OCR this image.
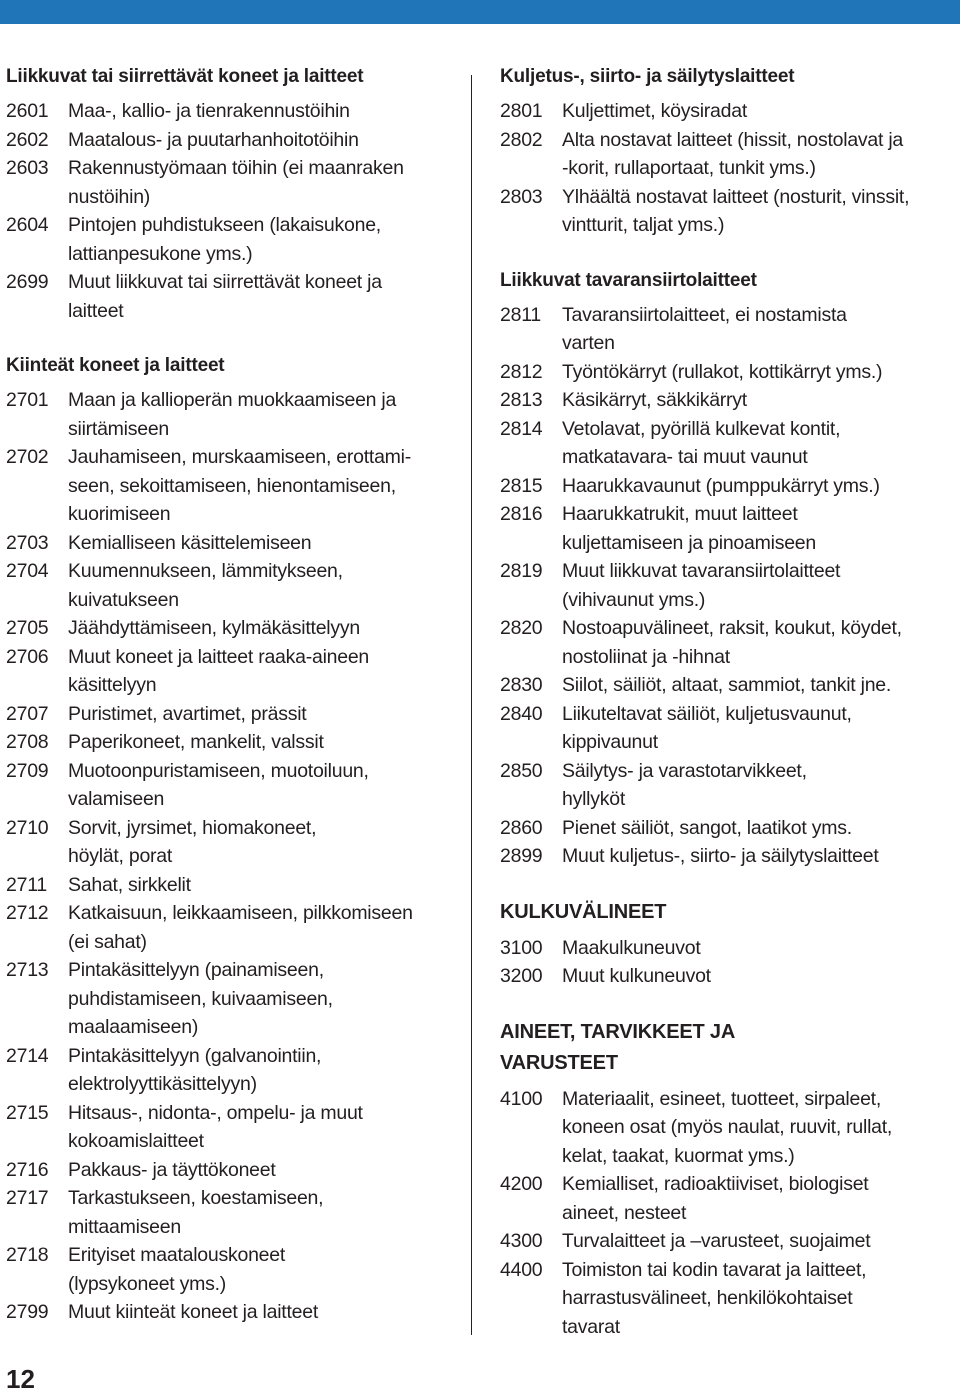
Liikkuvat tai siirrettävät koneet ja laitteet
2601	Maa-, kallio- ja tienrakennustöihin
2602	Maatalous- ja puutarhanhoitotöihin
2603	Rakennustyömaan töihin (ei maanraken
nustöihin)
2604	Pintojen puhdistukseen (lakaisukone,
lattianpesukone yms.)
2699	Muut liikkuvat tai siirrettävät koneet ja
laitteet
Kiinteät koneet ja laitteet
2701	Maan ja kallioperän muokkaamiseen ja
siirtämiseen
2702	Jauhamiseen, murskaamiseen, erottami-
seen, sekoittamiseen, hienontamiseen,
kuorimiseen
2703	Kemialliseen käsittelemiseen
2704	Kuumennukseen, lämmitykseen,
kuivatukseen
2705	Jäähdyttämiseen, kylmäkäsittelyyn
2706	Muut koneet ja laitteet raaka-aineen
käsittelyyn
2707	Puristimet, avartimet, prässit
2708	Paperikoneet, mankelit, valssit
2709	Muotoonpuristamiseen, muotoiluun,
valamiseen
2710	Sorvit, jyrsimet, hiomakoneet,
höylät, porat
2711	Sahat, sirkkelit
2712	Katkaisuun, leikkaamiseen, pilkkomiseen
(ei sahat)
2713	Pintakäsittelyyn (painamiseen,
puhdistamiseen, kuivaamiseen,
maalaamiseen)
2714	Pintakäsittelyyn (galvanointiin,
elektrolyyttikäsittelyyn)
2715	Hitsaus-, nidonta-, ompelu- ja muut
kokoamislaitteet
2716	Pakkaus- ja täyttökoneet
2717	Tarkastukseen, koestamiseen,
mittaamiseen
2718	Erityiset maatalouskoneet
(lypsykoneet yms.)
2799	Muut kiinteät koneet ja laitteet
Kuljetus-, siirto- ja säilytyslaitteet
2801	Kuljettimet, köysiradat
2802	Alta nostavat laitteet (hissit, nostolavat ja
-korit, rullaportaat, tunkit yms.)
2803	Ylhäältä nostavat laitteet (nosturit, vinssit,
vintturit, taljat yms.)
Liikkuvat tavaransiirtolaitteet
2811	Tavaransiirtolaitteet, ei nostamista
varten
2812	Työntökärryt (rullakot, kottikärryt yms.)
2813	Käsikärryt, säkkikärryt
2814	Vetolavat, pyörillä kulkevat kontit,
matkatavara- tai muut vaunut
2815	Haarukkavaunut (pumppukärryt yms.)
2816	Haarukkatrukit, muut laitteet
kuljettamiseen ja pinoamiseen
2819	Muut liikkuvat tavaransiirtolaitteet
(vihivaunut yms.)
2820	Nostoapuvälineet, raksit, koukut, köydet,
nostoliinat ja -hihnat
2830	Siilot, säiliöt, altaat, sammiot, tankit jne.
2840	Liikuteltavat säiliöt, kuljetusvaunut,
kippivaunut
2850	Säilytys- ja varastotarvikkeet,
hyllyköt
2860	Pienet säiliöt, sangot, laatikot yms.
2899	Muut kuljetus-, siirto- ja säilytyslaitteet
KULKUVÄLINEET
3100	Maakulkuneuvot
3200	Muut kulkuneuvot
AINEET, TARVIKKEET JA
VARUSTEET
4100	Materiaalit, esineet, tuotteet, sirpaleet,
koneen osat (myös naulat, ruuvit, rullat,
kelat, taakat, kuormat yms.)
4200	Kemialliset, radioaktiiviset, biologiset
aineet, nesteet
4300	Turvalaitteet ja –varusteet, suojaimet
4400	Toimiston tai kodin tavarat ja laitteet,
harrastusvälineet, henkilökohtaiset
tavarat
12
